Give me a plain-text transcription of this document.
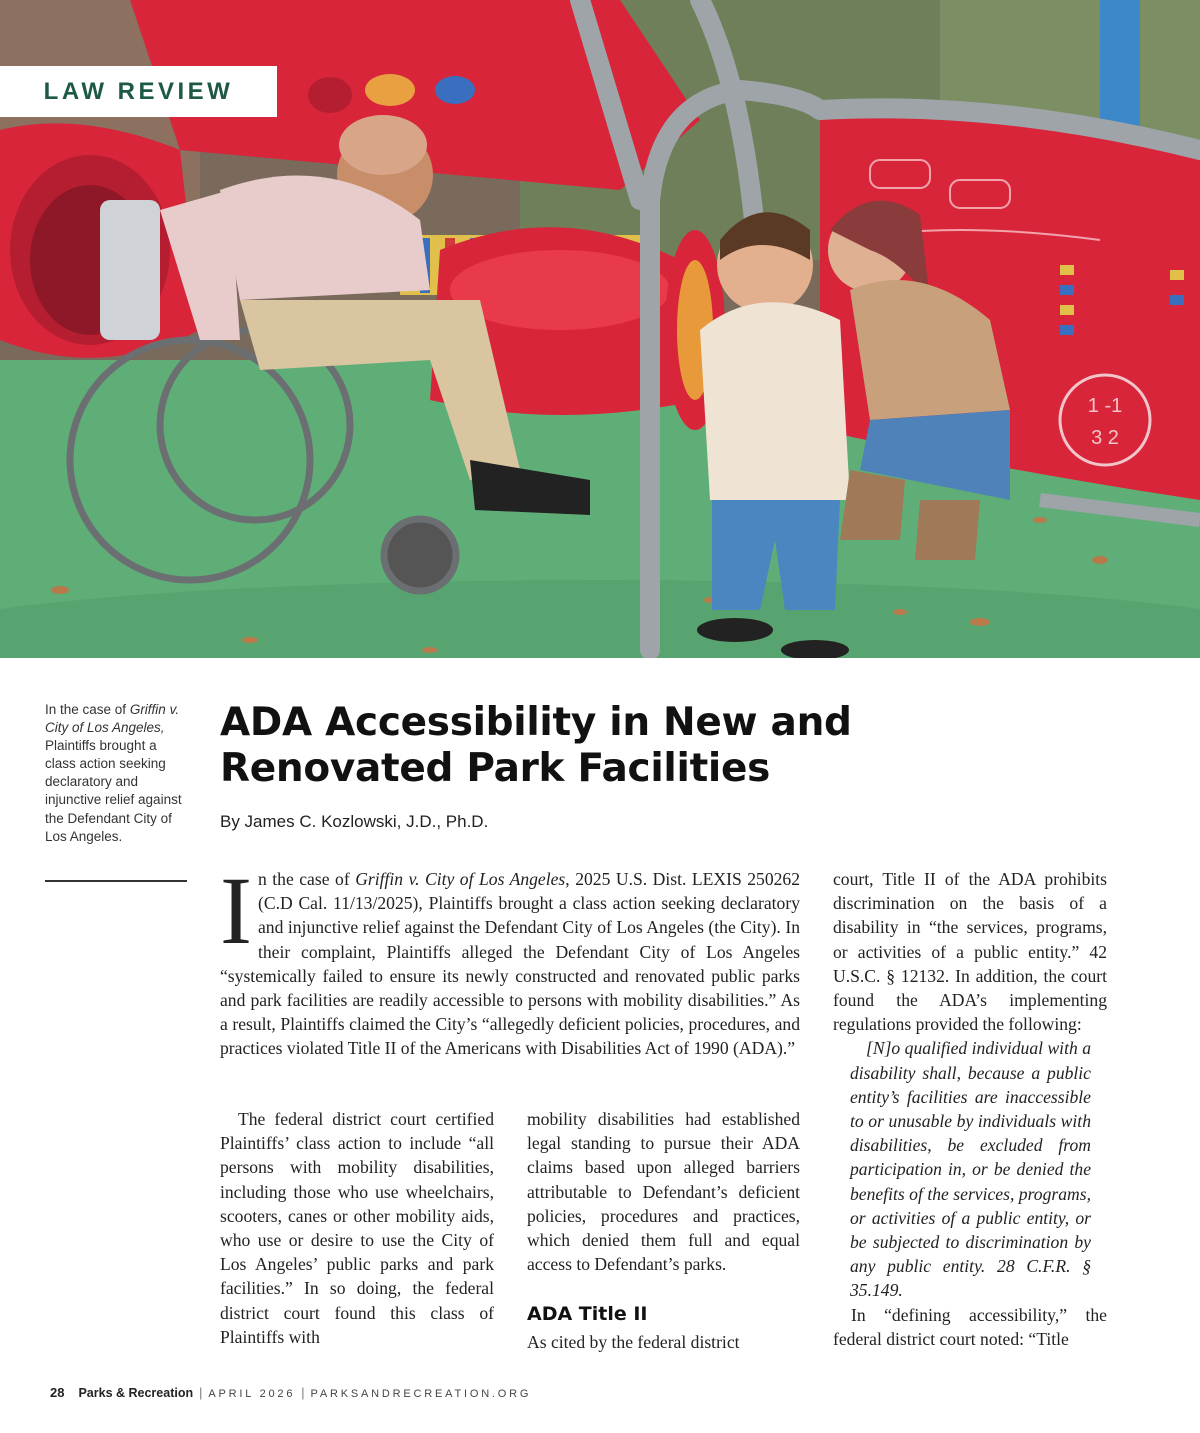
1 -1
3 2
LAW REVIEW
In the case of Griffin v. City of Los Angeles, Plaintiffs brought a class action seeking declaratory and injunctive relief against the Defendant City of Los Angeles.
ADA Accessibility in New and Renovated Park Facilities
By James C. Kozlowski, J.D., Ph.D.

In the case of Griffin v. City of Los Angeles, 2025 U.S. Dist. LEXIS 250262 (C.D Cal. 11/13/2025), Plaintiffs brought a class action seeking declaratory and injunctive relief against the Defendant City of Los Angeles (the City). In their complaint, Plaintiffs alleged the Defendant City of Los Angeles “systemically failed to ensure its newly constructed and renovated public parks and park facilities are readily accessible to persons with mobility disabilities.” As a result, Plaintiffs claimed the City’s “allegedly deficient policies, procedures, and practices violated Title II of the Americans with Disabilities Act of 1990 (ADA).”

The federal district court certified Plaintiffs’ class action to include “all persons with mobility disabilities, including those who use wheelchairs, scooters, canes or other mobility aids, who use or desire to use the City of Los Angeles’ public parks and park facilities.” In so doing, the federal district court found this class of Plaintiffs with

mobility disabilities had established legal standing to pursue their ADA claims based upon alleged barriers attributable to Defendant’s deficient policies, procedures and practices, which denied them full and equal access to Defendant’s parks.

ADA Title II

As cited by the federal district

court, Title II of the ADA prohibits discrimination on the basis of a disability in “the services, programs, or activities of a public entity.” 42 U.S.C. § 12132. In addition, the court found the ADA’s implementing regulations provided the following:

[N]o qualified individual with a disability shall, because a public entity’s facilities are inaccessible to or unusable by individuals with disabilities, be excluded from participation in, or be denied the benefits of the services, programs, or activities of a public entity, or be subjected to discrimination by any public entity. 28 C.F.R. § 35.149.

In “defining accessibility,” the federal district court noted: “Title

28 Parks & Recreation | APRIL 2026 | PARKSANDRECREATION.ORG
